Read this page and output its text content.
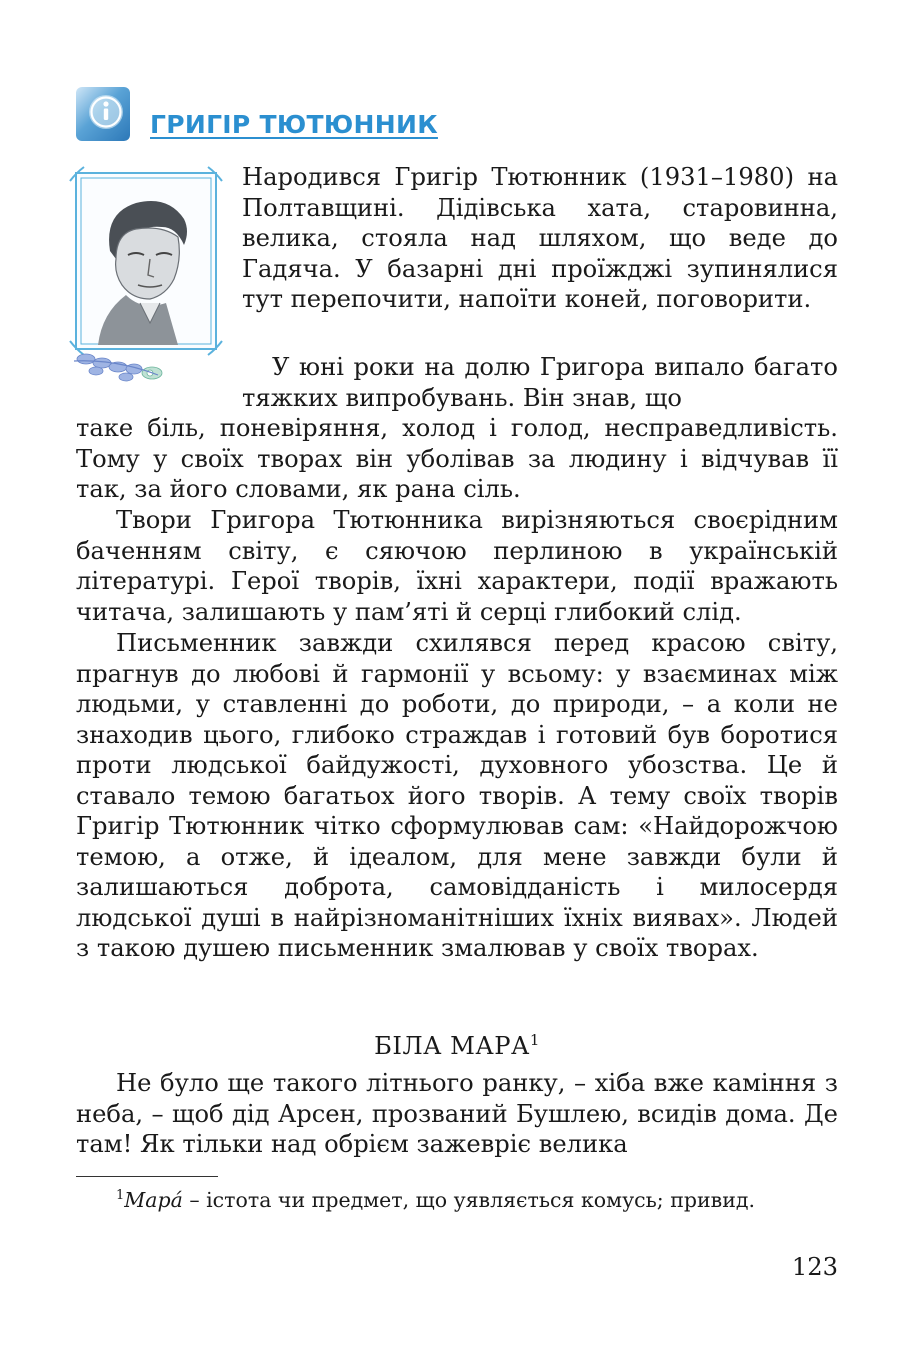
ГРИГІР ТЮТЮННИК

Народився Григір Тютюнник (1931–1980) на Полтавщині. Дідівська хата, старовинна, велика, стояла над шляхом, що веде до Гадяча. У базарні дні проїжджі зупинялися тут перепочити, напоїти коней, поговорити.

У юні роки на долю Григора випало багато тяжких випробувань. Він знав, що
таке біль, поневіряння, холод і голод, несправедливість. Тому у своїх творах він уболівав за людину і відчував її так, за його словами, як рана сіль.

Твори Григора Тютюнника вирізняються своєрідним баченням світу, є сяючою перлиною в українській літературі. Герої творів, їхні характери, події вражають читача, залишають у пам’яті й серці глибокий слід.

Письменник завжди схилявся перед красою світу, прагнув до любові й гармонії у всьому: у взаєминах між людьми, у ставленні до роботи, до природи, – а коли не знаходив цього, глибоко страждав і готовий був боротися проти людської байдужості, духовного убозства. Це й ставало темою багатьох його творів. А тему своїх творів Григір Тютюнник чітко сформулював сам: «Найдорожчою темою, а отже, й ідеалом, для мене завжди були й залишаються доброта, самовідданість і милосердя людської душі в найрізноманітніших їхніх виявах». Людей з такою душею письменник змалював у своїх творах.

БІЛА МАРА$^1$

Не було ще такого літнього ранку, – хіба вже каміння з неба, – щоб дід Арсен, прозваний Бушлею, всидів дома. Де там! Як тільки над обрієм зажевріє велика

$^1$Мара́ – істота чи предмет, що уявляється комусь; привид.

123
